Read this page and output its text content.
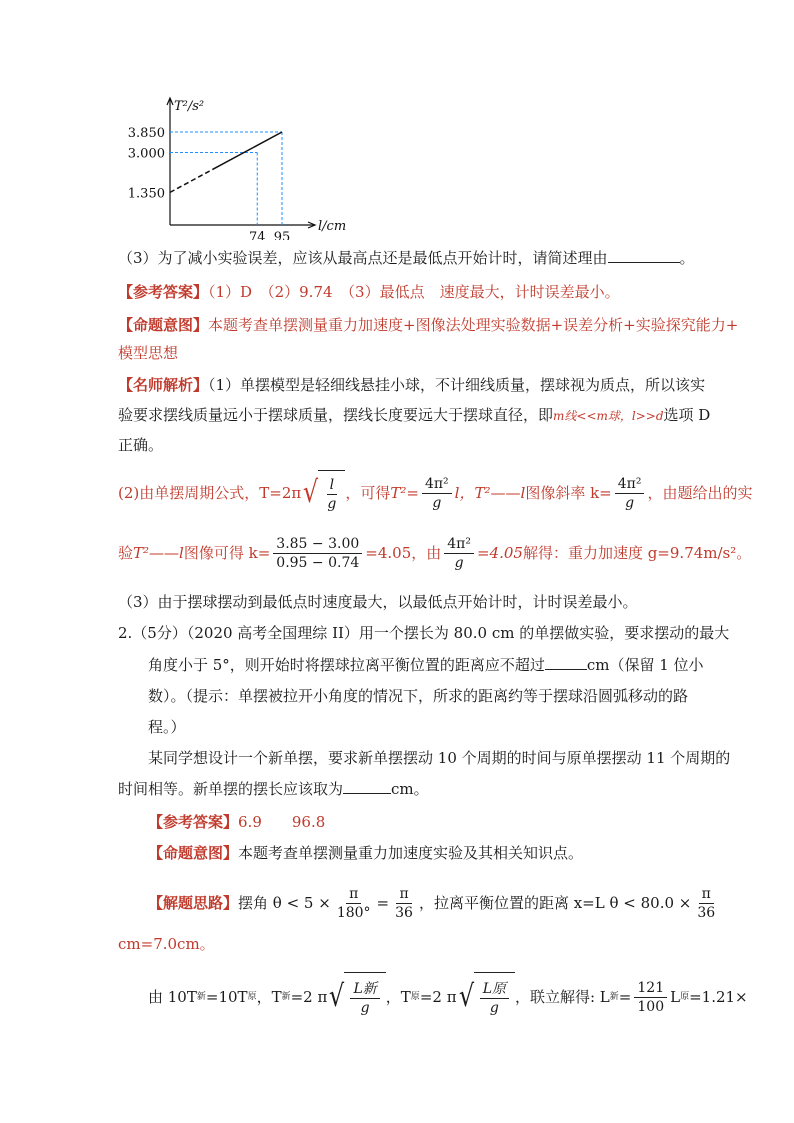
T²/s²
l/cm
3.850
3.000
1.350
74 95
（3）为了减小实验误差，应该从最高点还是最低点开始计时，请简述理由	。
【参考答案】（1）D　（2）9.74　（3）最低点　速度最大，计时误差最小。
【命题意图】本题考查单摆测量重力加速度+图像法处理实验数据+误差分析+实验探究能力+
模型思想
【名师解析】（1）单摆模型是轻细线悬挂小球，不计细线质量，摆球视为质点，所以该实
验要求摆线质量远小于摆球质量，摆线长度要远大于摆球直径，即m线<<m球，l>>d选项 D
正确。
(2)由单摆周期公式，T=2π √ $\frac{l}{g}$ ，可得 $T^2= \frac{\text{4π²}}{g}$ l， T²——l 图像斜率 $k= \frac{\text{4π²}}{g}$ ，由题给出的实
验 T²——l 图像可得 $k= \frac{3.85 - 3.00}{0.95 - 0.74} =4.05$，由 $\frac{\text{4π²}}{g} =4.05$ 解得：重力加速度 g=9.74m/s²。
（3）由于摆球摆动到最低点时速度最大，以最低点开始计时，计时误差最小。
2.（5分）（2020 高考全国理综 II）用一个摆长为 80.0 cm 的单摆做实验，要求摆动的最大
角度小于 5°，则开始时将摆球拉离平衡位置的距离应不超过	cm（保留 1 位小
数）。（提示：单摆被拉开小角度的情况下，所求的距离约等于摆球沿圆弧移动的路
程。）
某同学想设计一个新单摆，要求新单摆摆动 10 个周期的时间与原单摆摆动 11 个周期的
时间相等。新单摆的摆长应该取为	cm。
【参考答案】6.9　　96.8
【命题意图】本题考查单摆测量重力加速度实验及其相关知识点。
【解题思路】 摆角 $\theta < 5 \times \frac{\pi}{180^\circ} = \frac{\pi}{36}$ ，拉离平衡位置的距离 x=L $\theta < 80.0 \times \frac{\pi}{36}$
cm=7.0cm。
由 10T 新 =10T 原 ，T 新 =2 π √ $\frac{\text{L新}}{g}$ ，T 原 =2 π √ $\frac{\text{L原}}{g}$ ，联立解得: L 新 = $\frac{121}{100}$ L 原 =1.21×
